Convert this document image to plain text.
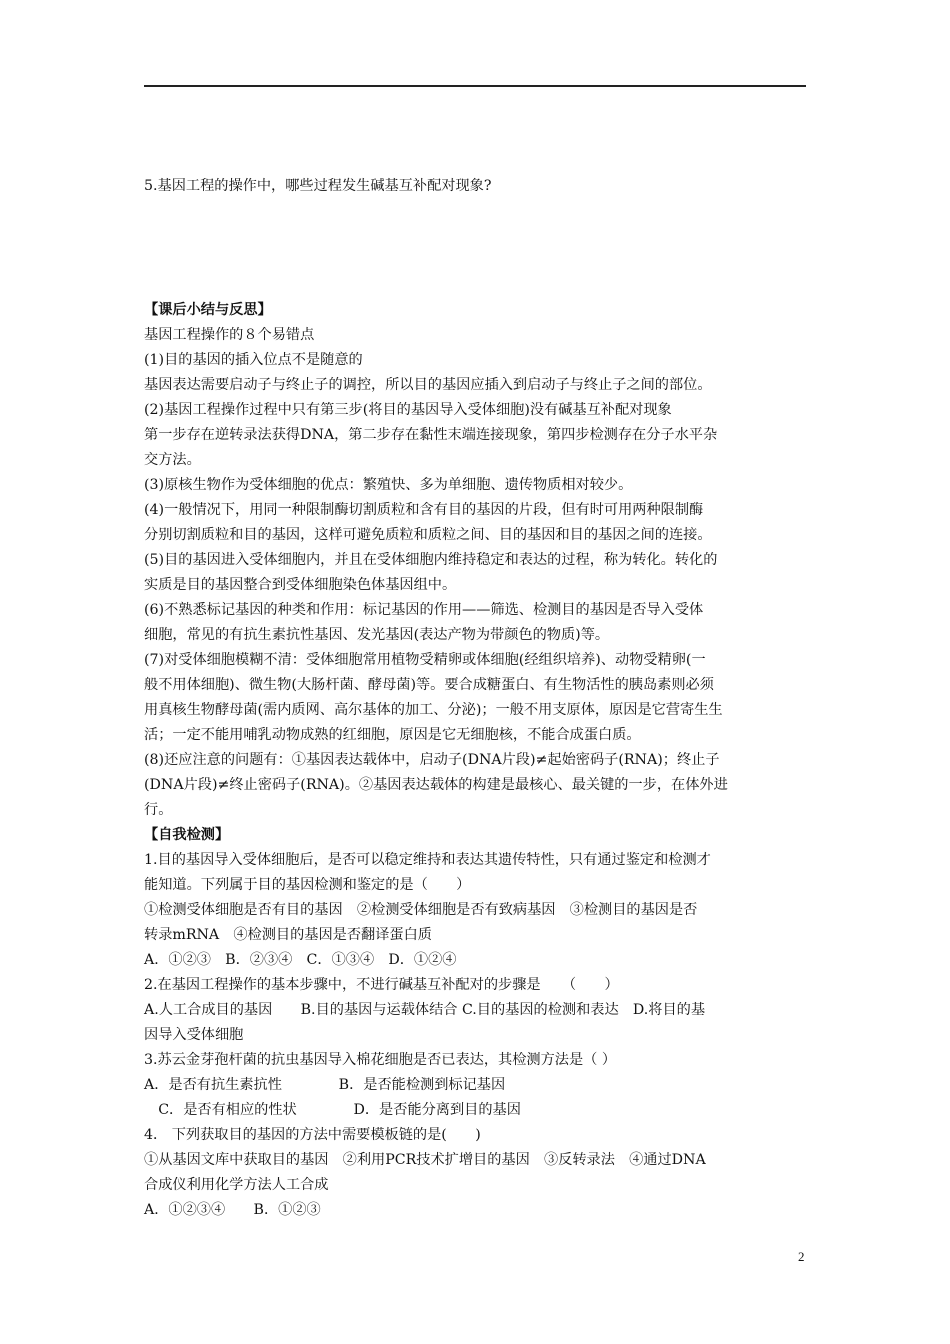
5.基因工程的操作中，哪些过程发生碱基互补配对现象?
【课后小结与反思】
基因工程操作的８个易错点
(1)目的基因的插入位点不是随意的
基因表达需要启动子与终止子的调控，所以目的基因应插入到启动子与终止子之间的部位。
(2)基因工程操作过程中只有第三步(将目的基因导入受体细胞)没有碱基互补配对现象
第一步存在逆转录法获得DNA，第二步存在黏性末端连接现象，第四步检测存在分子水平杂
交方法。
(3)原核生物作为受体细胞的优点：繁殖快、多为单细胞、遗传物质相对较少。
(4)一般情况下，用同一种限制酶切割质粒和含有目的基因的片段，但有时可用两种限制酶
分别切割质粒和目的基因，这样可避免质粒和质粒之间、目的基因和目的基因之间的连接。
(5)目的基因进入受体细胞内，并且在受体细胞内维持稳定和表达的过程，称为转化。转化的
实质是目的基因整合到受体细胞染色体基因组中。
(6)不熟悉标记基因的种类和作用：标记基因的作用——筛选、检测目的基因是否导入受体
细胞，常见的有抗生素抗性基因、发光基因(表达产物为带颜色的物质)等。
(7)对受体细胞模糊不清：受体细胞常用植物受精卵或体细胞(经组织培养)、动物受精卵(一
般不用体细胞)、微生物(大肠杆菌、酵母菌)等。要合成糖蛋白、有生物活性的胰岛素则必须
用真核生物酵母菌(需内质网、高尔基体的加工、分泌)；一般不用支原体，原因是它营寄生生
活；一定不能用哺乳动物成熟的红细胞，原因是它无细胞核，不能合成蛋白质。
(8)还应注意的问题有：①基因表达载体中，启动子(DNA片段)≠起始密码子(RNA)；终止子
(DNA片段)≠终止密码子(RNA)。②基因表达载体的构建是最核心、最关键的一步，在体外进
行。
【自我检测】
1.目的基因导入受体细胞后，是否可以稳定维持和表达其遗传特性，只有通过鉴定和检测才
能知道。下列属于目的基因检测和鉴定的是（　　）
①检测受体细胞是否有目的基因　②检测受体细胞是否有致病基因　③检测目的基因是否
转录mRNA　④检测目的基因是否翻译蛋白质
A．①②③　B．②③④　C．①③④　D．①②④
2.在基因工程操作的基本步骤中，不进行碱基互补配对的步骤是　　（　　）
A.人工合成目的基因　　B.目的基因与运载体结合 C.目的基因的检测和表达　D.将目的基
因导入受体细胞
3.苏云金芽孢杆菌的抗虫基因导入棉花细胞是否已表达，其检测方法是（ ）
A．是否有抗生素抗性　　　　B．是否能检测到标记基因
　C．是否有相应的性状　　　　D．是否能分离到目的基因
4． 下列获取目的基因的方法中需要模板链的是(　　)
①从基因文库中获取目的基因　②利用PCR技术扩增目的基因　③反转录法　④通过DNA
合成仪利用化学方法人工合成
A．①②③④　　B．①②③
2
